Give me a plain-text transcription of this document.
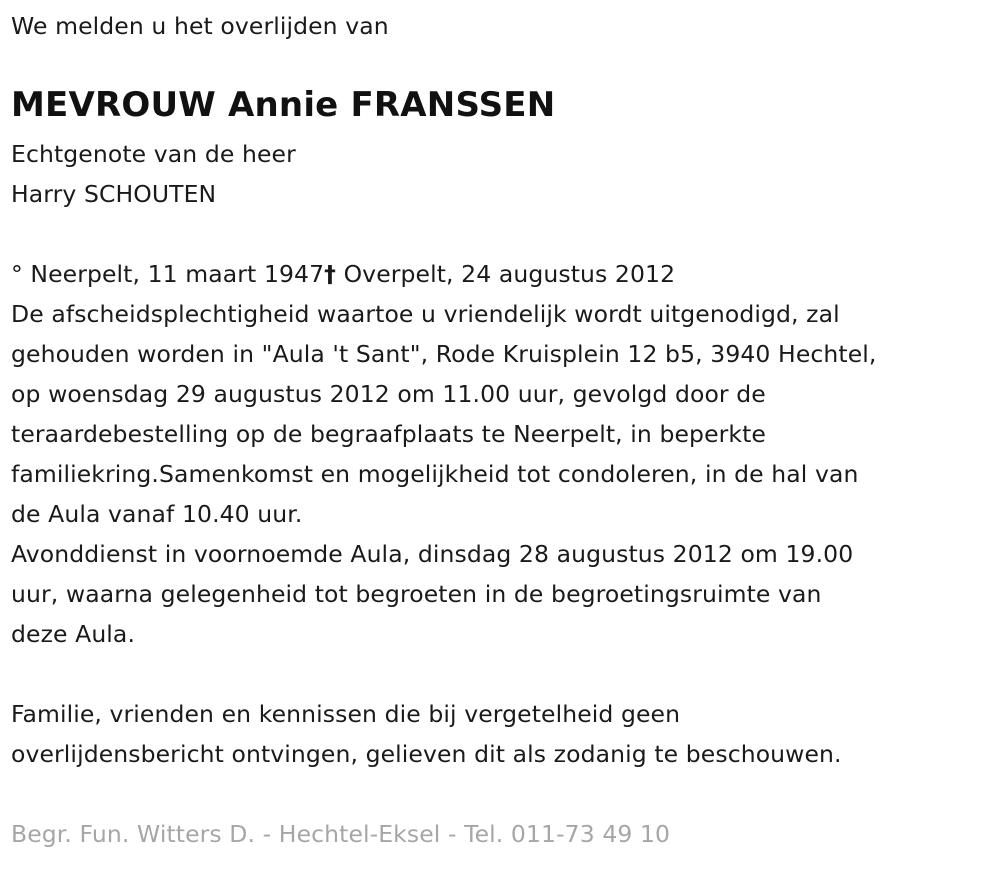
We melden u het overlijden van
MEVROUW Annie FRANSSEN
Echtgenote van de heer
Harry SCHOUTEN
° Neerpelt, 11 maart 1947† Overpelt, 24 augustus 2012
De afscheidsplechtigheid waartoe u vriendelijk wordt uitgenodigd, zal
gehouden worden in "Aula 't Sant", Rode Kruisplein 12 b5, 3940 Hechtel,
op woensdag 29 augustus 2012 om 11.00 uur, gevolgd door de
teraardebestelling op de begraafplaats te Neerpelt, in beperkte
familiekring.Samenkomst en mogelijkheid tot condoleren, in de hal van
de Aula vanaf 10.40 uur.
Avonddienst in voornoemde Aula, dinsdag 28 augustus 2012 om 19.00
uur, waarna gelegenheid tot begroeten in de begroetingsruimte van
deze Aula.
Familie, vrienden en kennissen die bij vergetelheid geen
overlijdensbericht ontvingen, gelieven dit als zodanig te beschouwen.
Begr. Fun. Witters D. - Hechtel-Eksel - Tel. 011-73 49 10
